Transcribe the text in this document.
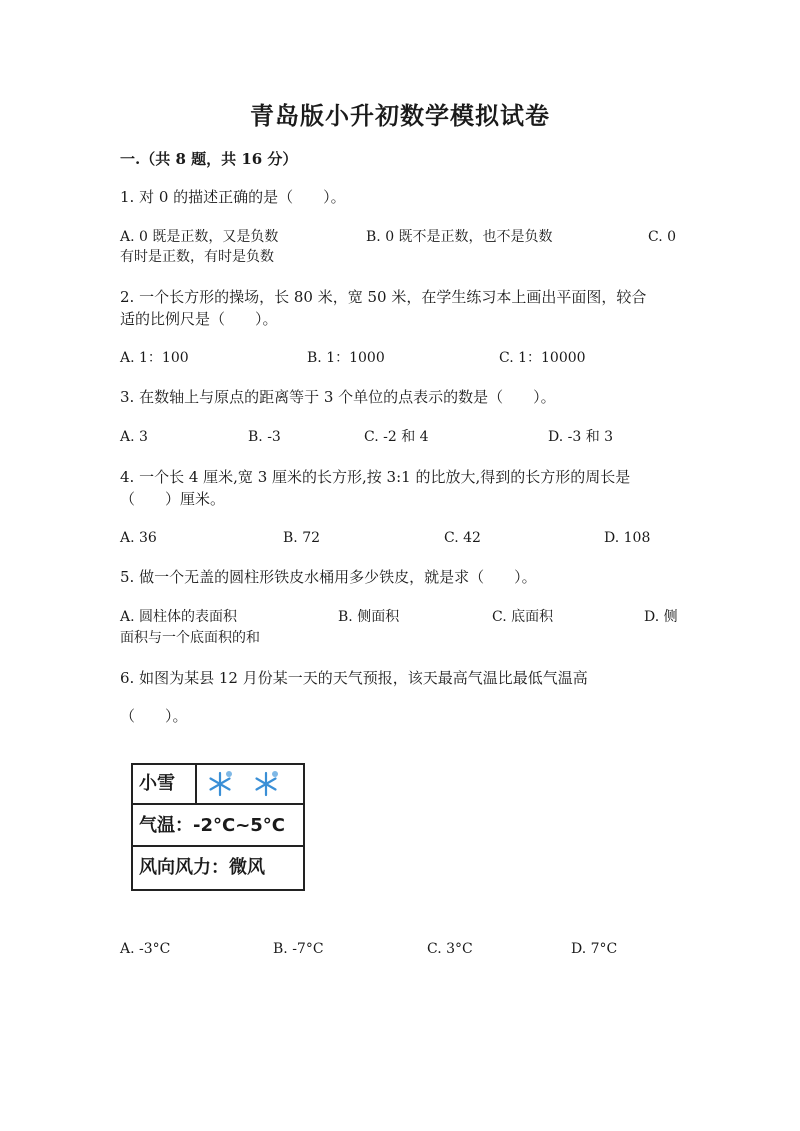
青岛版小升初数学模拟试卷
一.（共 8 题，共 16 分）
1. 对 0 的描述正确的是（　　）。
A. 0 既是正数，又是负数	B. 0 既不是正数，也不是负数	C. 0
有时是正数，有时是负数
2. 一个长方形的操场，长 80 米，宽 50 米，在学生练习本上画出平面图，较合
适的比例尺是（　　）。
A. 1：100	B. 1：1000	C. 1：10000
3. 在数轴上与原点的距离等于 3 个单位的点表示的数是（　　）。
A. 3	B. -3	C. -2 和 4	D. -3 和 3
4. 一个长 4 厘米,宽 3 厘米的长方形,按 3:1 的比放大,得到的长方形的周长是
（　　）厘米。
A. 36	B. 72	C. 42	D. 108
5. 做一个无盖的圆柱形铁皮水桶用多少铁皮，就是求（　　）。
A. 圆柱体的表面积	B. 侧面积	C. 底面积	D. 侧
面积与一个底面积的和
6. 如图为某县 12 月份某一天的天气预报，该天最高气温比最低气温高
（　　）。
小雪
气温：-2°C~5°C
风向风力：微风
A. -3°C	B. -7°C	C. 3°C	D. 7°C
